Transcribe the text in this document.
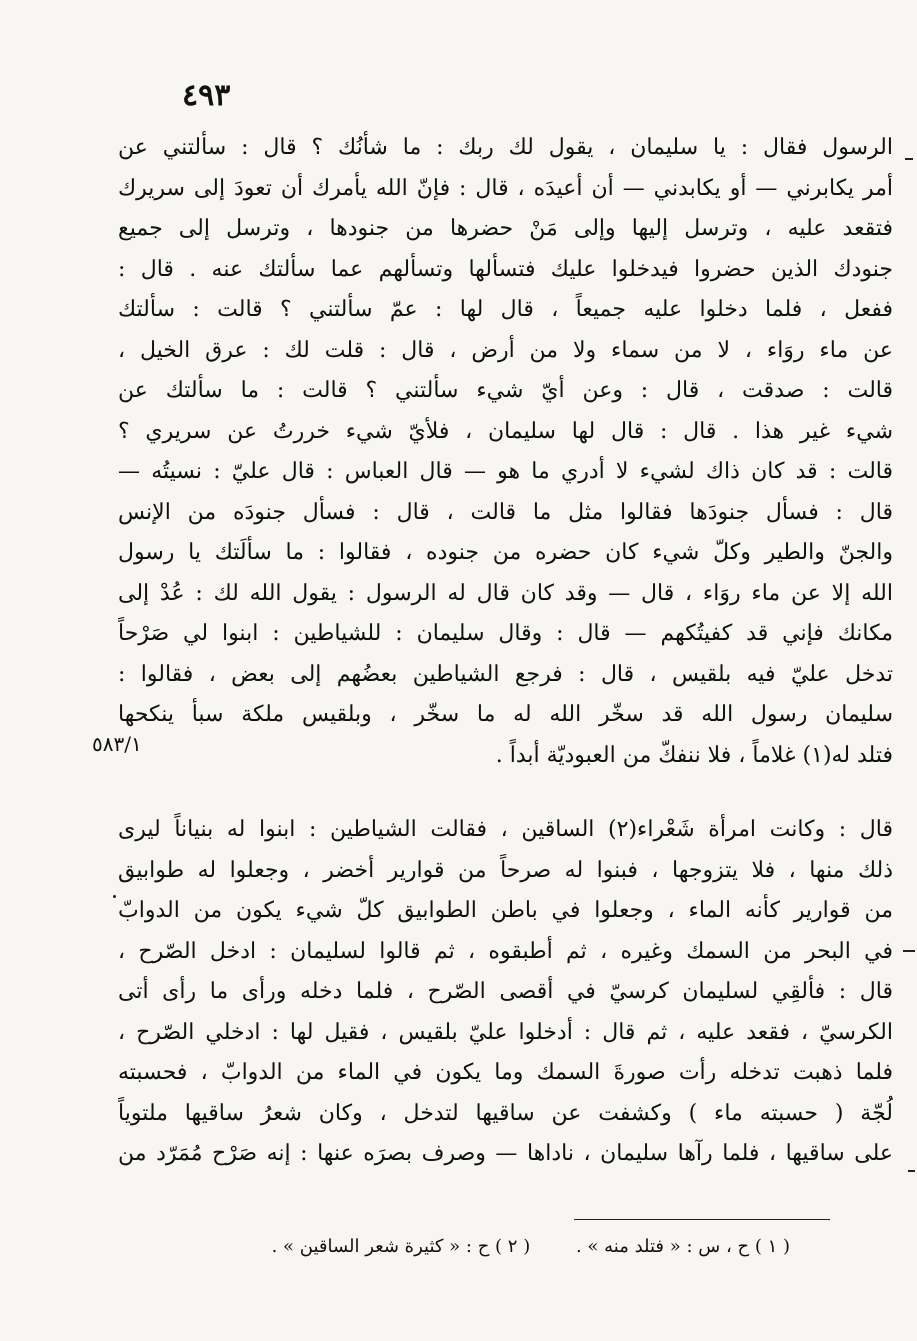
٤٩٣
الرسول فقال : يا سليمان ، يقول لك ربك : ما شأنُك ؟ قال : سألتني عن
أمر يكابرني — أو يكابدني — أن أعيدَه ، قال : فإنّ الله يأمرك أن تعودَ إلى سريرك
فتقعد عليه ، وترسل إليها وإلى مَنْ حضرها من جنودها ، وترسل إلى جميع
جنودك الذين حضروا فيدخلوا عليك فتسألها وتسألهم عما سألتك عنه . قال :
ففعل ، فلما دخلوا عليه جميعاً ، قال لها : عمّ سألتني ؟ قالت : سألتك
عن ماء روَاء ، لا من سماء ولا من أرض ، قال : قلت لك : عرق الخيل ،
قالت : صدقت ، قال : وعن أيّ شيء سألتني ؟ قالت : ما سألتك عن
شيء غير هذا . قال : قال لها سليمان ، فلأيّ شيء خررتُ عن سريري ؟
قالت : قد كان ذاك لشيء لا أدري ما هو — قال العباس : قال عليّ : نسيتُه —
قال : فسأل جنودَها فقالوا مثل ما قالت ، قال : فسأل جنودَه من الإنس
والجنّ والطير وكلّ شيء كان حضره من جنوده ، فقالوا : ما سألَتك يا رسول
الله إلا عن ماء روَاء ، قال — وقد كان قال له الرسول : يقول الله لك : عُدْ إلى
مكانك فإني قد كفيتُكهم — قال : وقال سليمان : للشياطين : ابنوا لي صَرْحاً
تدخل عليّ فيه بلقيس ، قال : فرجع الشياطين بعضُهم إلى بعض ، فقالوا :
سليمان رسول الله قد سخّر الله له ما سخّر ، وبلقيس ملكة سبأ ينكحها
فتلد له(١) غلاماً ، فلا ننفكّ من العبوديّة أبداً .
قال : وكانت امرأة شَعْراء(٢) الساقين ، فقالت الشياطين : ابنوا له بنياناً ليرى
ذلك منها ، فلا يتزوجها ، فبنوا له صرحاً من قوارير أخضر ، وجعلوا له طوابيق
من قوارير كأنه الماء ، وجعلوا في باطن الطوابيق كلّ شيء يكون من الدوابّ
في البحر من السمك وغيره ، ثم أطبقوه ، ثم قالوا لسليمان : ادخل الصّرح ،
قال : فألقِي لسليمان كرسيّ في أقصى الصّرح ، فلما دخله ورأى ما رأى أتى
الكرسيّ ، فقعد عليه ، ثم قال : أدخلوا عليّ بلقيس ، فقيل لها : ادخلي الصّرح ،
فلما ذهبت تدخله رأت صورةَ السمك وما يكون في الماء من الدوابّ ، فحسبته
لُجّة ( حسبته ماء ) وكشفت عن ساقيها لتدخل ، وكان شعرُ ساقيها ملتوياً
على ساقيها ، فلما رآها سليمان ، ناداها — وصرف بصرَه عنها : إنه صَرْح مُمَرّد من
٥٨٣/١
( ١ ) ح ، س : « فتلد منه » . ( ٢ ) ح : « كثيرة شعر الساقين » .
